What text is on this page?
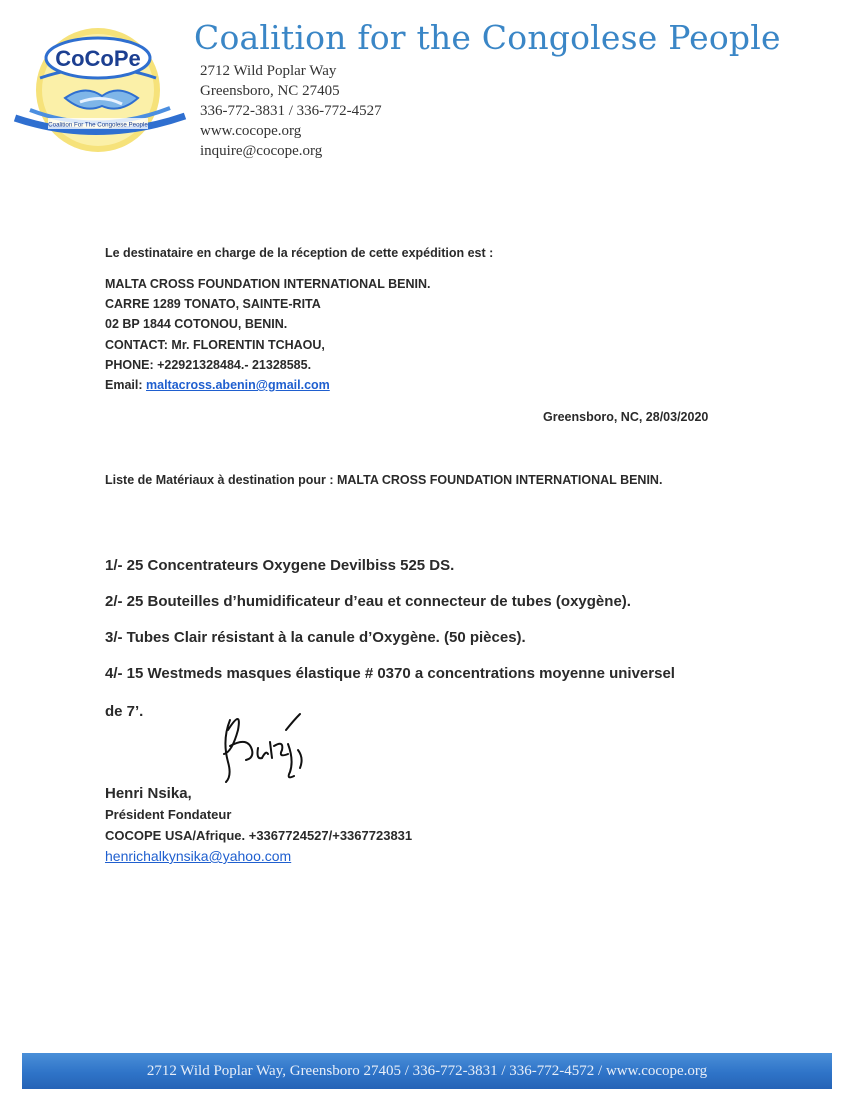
CoCoPe
Coalition For The Congolese People
Coalition for the Congolese People
2712 Wild Poplar Way
Greensboro, NC 27405
336-772-3831 / 336-772-4527
www.cocope.org
inquire@cocope.org
Le destinataire en charge de la réception de cette expédition est :
MALTA CROSS FOUNDATION INTERNATIONAL BENIN.
CARRE 1289 TONATO, SAINTE-RITA
02 BP 1844 COTONOU, BENIN.
CONTACT: Mr. FLORENTIN TCHAOU,
PHONE: +22921328484.- 21328585.
Email: maltacross.abenin@gmail.com
Greensboro, NC, 28/03/2020
Liste de Matériaux à destination pour : MALTA CROSS FOUNDATION INTERNATIONAL BENIN.
1/- 25 Concentrateurs Oxygene Devilbiss 525 DS.
2/- 25 Bouteilles d’humidificateur d’eau et connecteur de tubes (oxygène).
3/- Tubes Clair résistant à la canule d’Oxygène. (50 pièces).
4/- 15 Westmeds masques élastique # 0370 a concentrations moyenne universel
de 7’.
Henri Nsika,
Président Fondateur
COCOPE USA/Afrique. +3367724527/+3367723831
henrichalkynsika@yahoo.com
2712 Wild Poplar Way, Greensboro 27405 / 336-772-3831 / 336-772-4572 / www.cocope.org
